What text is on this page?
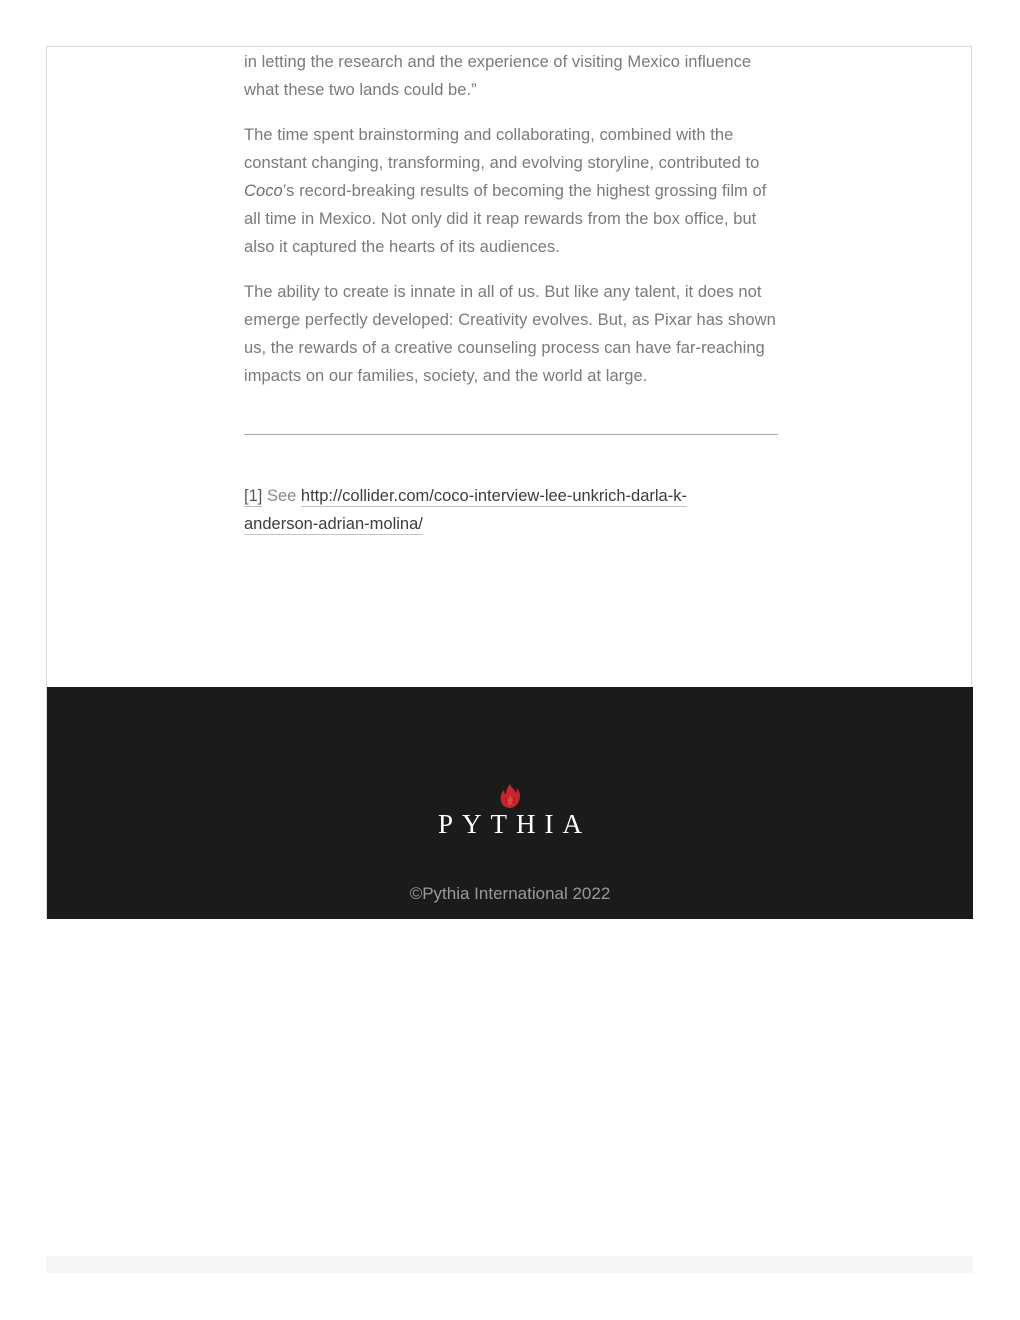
in letting the research and the experience of visiting Mexico influence what these two lands could be.”

The time spent brainstorming and collaborating, combined with the constant changing, transforming, and evolving storyline, contributed to Coco’s record-breaking results of becoming the highest grossing film of all time in Mexico. Not only did it reap rewards from the box office, but also it captured the hearts of its audiences.

The ability to create is innate in all of us. But like any talent, it does not emerge perfectly developed: Creativity evolves. But, as Pixar has shown us, the rewards of a creative counseling process can have far-reaching impacts on our families, society, and the world at large.

[1] See http://collider.com/coco-interview-lee-unkrich-darla-k-anderson-adrian-molina/
PYTHIA
©Pythia International 2022
